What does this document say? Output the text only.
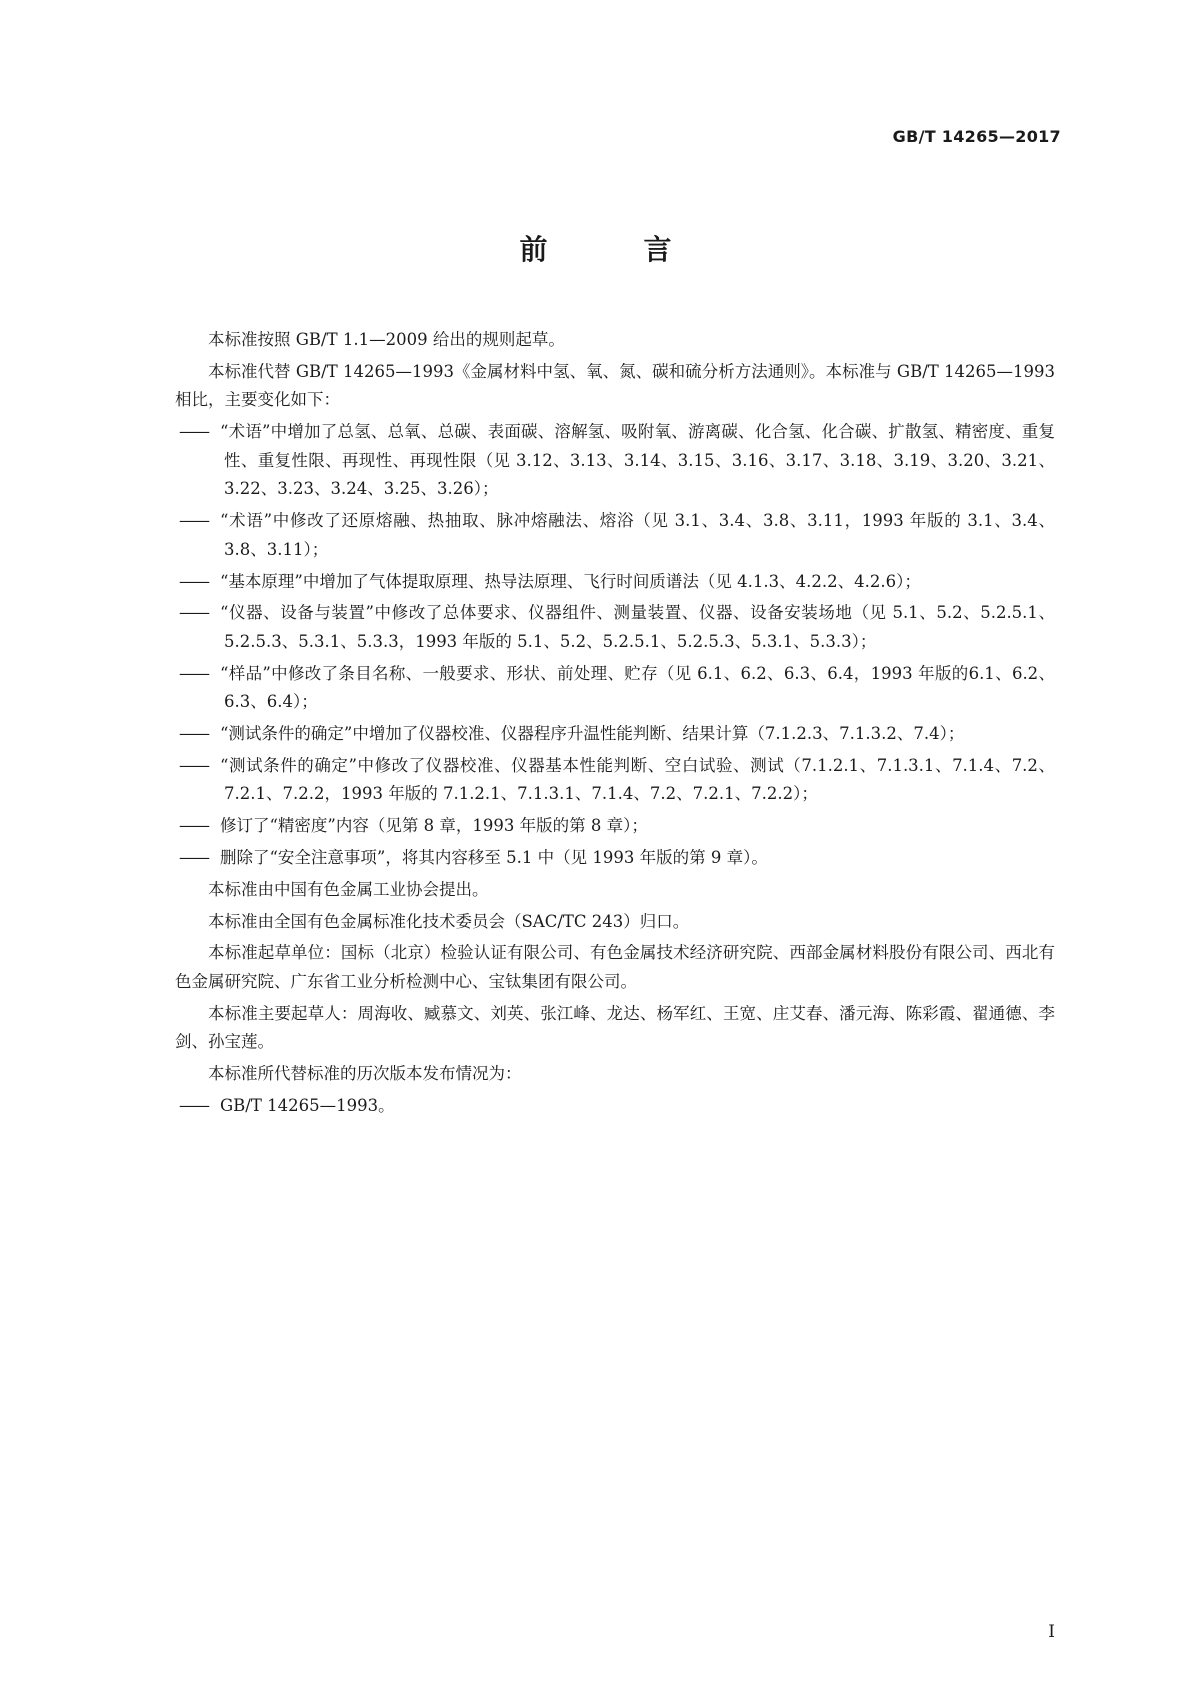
GB/T 14265—2017
前　言

本标准按照 GB/T 1.1—2009 给出的规则起草。

本标准代替 GB/T 14265—1993《金属材料中氢、氧、氮、碳和硫分析方法通则》。本标准与 GB/T 14265—1993 相比，主要变化如下：

—— “术语”中增加了总氢、总氧、总碳、表面碳、溶解氢、吸附氧、游离碳、化合氢、化合碳、扩散氢、精密度、重复性、重复性限、再现性、再现性限（见 3.12、3.13、3.14、3.15、3.16、3.17、3.18、3.19、3.20、3.21、3.22、3.23、3.24、3.25、3.26）；

—— “术语”中修改了还原熔融、热抽取、脉冲熔融法、熔浴（见 3.1、3.4、3.8、3.11，1993 年版的 3.1、3.4、3.8、3.11）；

—— “基本原理”中增加了气体提取原理、热导法原理、飞行时间质谱法（见 4.1.3、4.2.2、4.2.6）；

—— “仪器、设备与装置”中修改了总体要求、仪器组件、测量装置、仪器、设备安装场地（见 5.1、5.2、5.2.5.1、5.2.5.3、5.3.1、5.3.3，1993 年版的 5.1、5.2、5.2.5.1、5.2.5.3、5.3.1、5.3.3）；

—— “样品”中修改了条目名称、一般要求、形状、前处理、贮存（见 6.1、6.2、6.3、6.4，1993 年版的6.1、6.2、6.3、6.4）；

—— “测试条件的确定”中增加了仪器校准、仪器程序升温性能判断、结果计算（7.1.2.3、7.1.3.2、7.4）；

—— “测试条件的确定”中修改了仪器校准、仪器基本性能判断、空白试验、测试（7.1.2.1、7.1.3.1、7.1.4、7.2、7.2.1、7.2.2，1993 年版的 7.1.2.1、7.1.3.1、7.1.4、7.2、7.2.1、7.2.2）；

—— 修订了“精密度”内容（见第 8 章，1993 年版的第 8 章）；

—— 删除了“安全注意事项”，将其内容移至 5.1 中（见 1993 年版的第 9 章）。

本标准由中国有色金属工业协会提出。

本标准由全国有色金属标准化技术委员会（SAC/TC 243）归口。

本标准起草单位：国标（北京）检验认证有限公司、有色金属技术经济研究院、西部金属材料股份有限公司、西北有色金属研究院、广东省工业分析检测中心、宝钛集团有限公司。

本标准主要起草人：周海收、臧慕文、刘英、张江峰、龙达、杨军红、王宽、庄艾春、潘元海、陈彩霞、翟通德、李剑、孙宝莲。

本标准所代替标准的历次版本发布情况为：

—— GB/T 14265—1993。

I
